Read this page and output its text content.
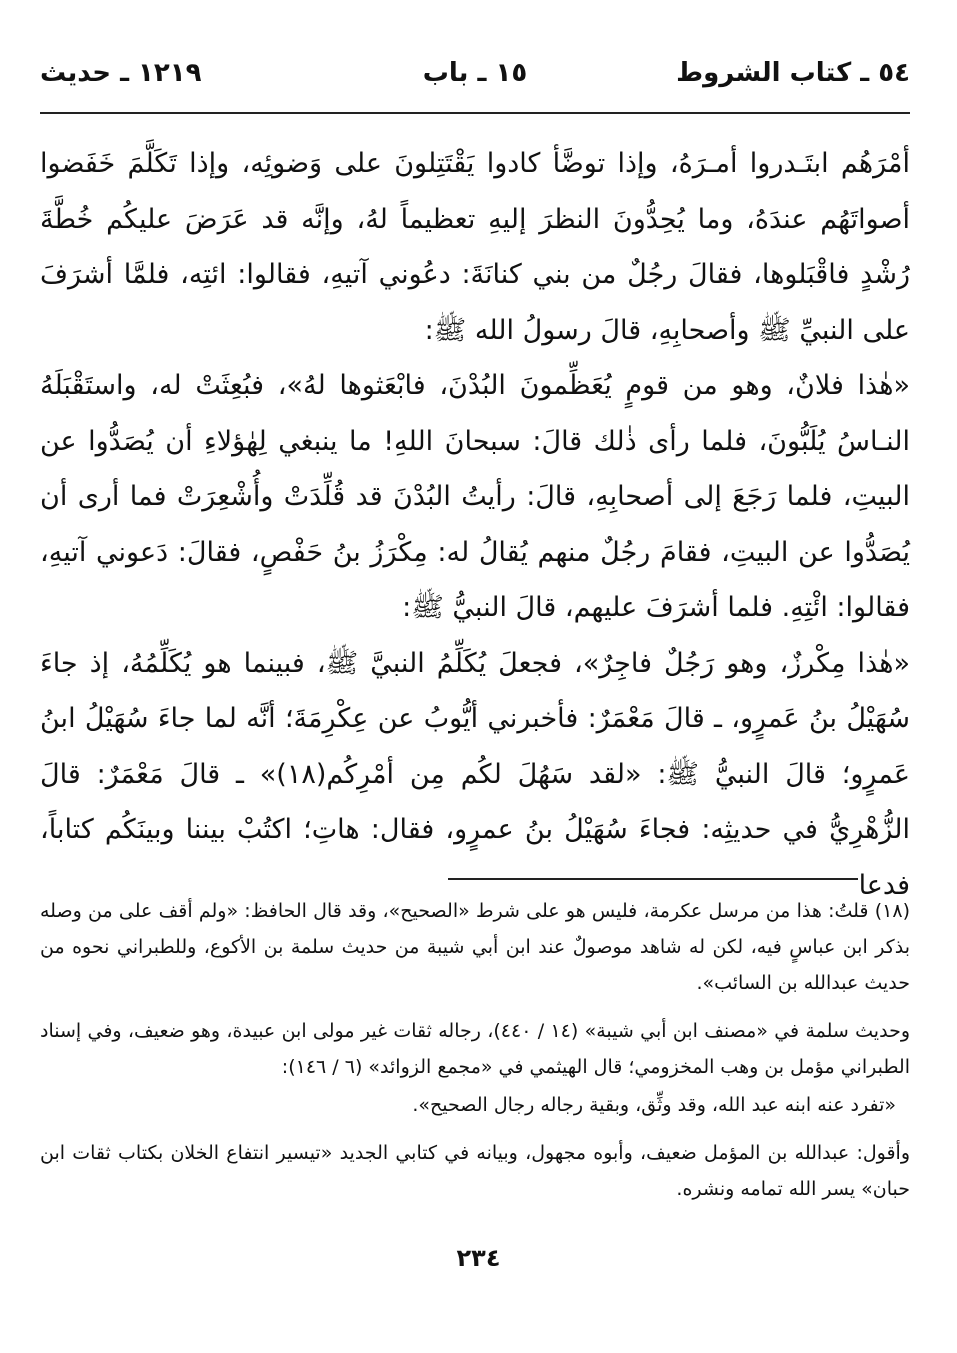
٥٤ ـ كتاب الشروط
١٥ ـ باب
١٢١٩ ـ حديث

أمْرَهُم ابتَـدروا أمـرَهُ، وإذا توضَّأ كادوا يَقْتَتِلونَ على وَضوئِه، وإذا تَكَلَّمَ خَفَضوا أصواتَهُم عندَهُ، وما يُحِدُّونَ النظرَ إليهِ تعظيماً لهُ، وإنَّه قد عَرَضَ عليكُم خُطَّةَ رُشْدٍ فاقْبَلوها، فقالَ رجُلٌ من بني كنانَةَ: دعُوني آتيهِ، فقالوا: ائتِه، فلمَّا أشرَفَ على النبيِّ ﷺ وأصحابِهِ، قالَ رسولُ الله ﷺ:

«هٰذا فلانٌ، وهو من قومٍ يُعَظِّمونَ البُدْنَ، فابْعَثوها لهُ»، فبُعِثَتْ له، واستَقْبَلَهُ النـاسُ يُلَبُّونَ، فلما رأى ذٰلك قالَ: سبحانَ اللهِ! ما ينبغي لِهٰؤلاءِ أن يُصَدُّوا عن البيتِ، فلما رَجَعَ إلى أصحابِهِ، قالَ: رأيتُ البُدْنَ قد قُلِّدَتْ وأُشْعِرَتْ فما أرى أن يُصَدُّوا عن البيتِ، فقامَ رجُلٌ منهم يُقالُ له: مِكْرَزُ بنُ حَفْصٍ، فقالَ: دَعوني آتيهِ، فقالوا: ائْتِهِ. فلما أشرَفَ عليهم، قالَ النبيُّ ﷺ:

«هٰذا مِكْرزٌ، وهو رَجُلٌ فاجِرٌ»، فجعلَ يُكَلِّمُ النبيَّ ﷺ، فبينما هو يُكَلِّمُهُ، إذ جاءَ سُهَيْلُ بنُ عَمرٍو، ـ قالَ مَعْمَرٌ: فأخبرني أيُّوبُ عن عِكْرِمَةَ؛ أنَّه لما جاءَ سُهَيْلُ ابنُ عَمرٍو؛ قالَ النبيُّ ﷺ: «لقد سَهُلَ لكُم مِن أمْرِكُم(١٨)» ـ قالَ مَعْمَرٌ: قالَ الزُّهْرِيُّ في حديثِه: فجاءَ سُهَيْلُ بنُ عمرٍو، فقال: هاتِ؛ اكتُبْ بيننا وبينَكُم كتاباً، فدعا

(١٨) قلتُ: هذا من مرسل عكرمة، فليس هو على شرط «الصحيح»، وقد قال الحافظ: «ولم أقف على من وصله بذكر ابن عباسٍ فيه، لكن له شاهد موصولٌ عند ابن أبي شيبة من حديث سلمة بن الأكوع، وللطبراني نحوه من حديث عبدالله بن السائب».

وحديث سلمة في «مصنف ابن أبي شيبة» (١٤ / ٤٤٠)، رجاله ثقات غير مولى ابن عبيدة، وهو ضعيف، وفي إسناد الطبراني مؤمل بن وهب المخزومي؛ قال الهيثمي في «مجمع الزوائد» (٦ / ١٤٦):

«تفرد عنه ابنه عبد الله، وقد وثِّق، وبقية رجاله رجال الصحيح».

وأقول: عبدالله بن المؤمل ضعيف، وأبوه مجهول، وبيانه في كتابي الجديد «تيسير انتفاع الخلان بكتاب ثقات ابن حبان» يسر الله تمامه ونشره.

٢٣٤
